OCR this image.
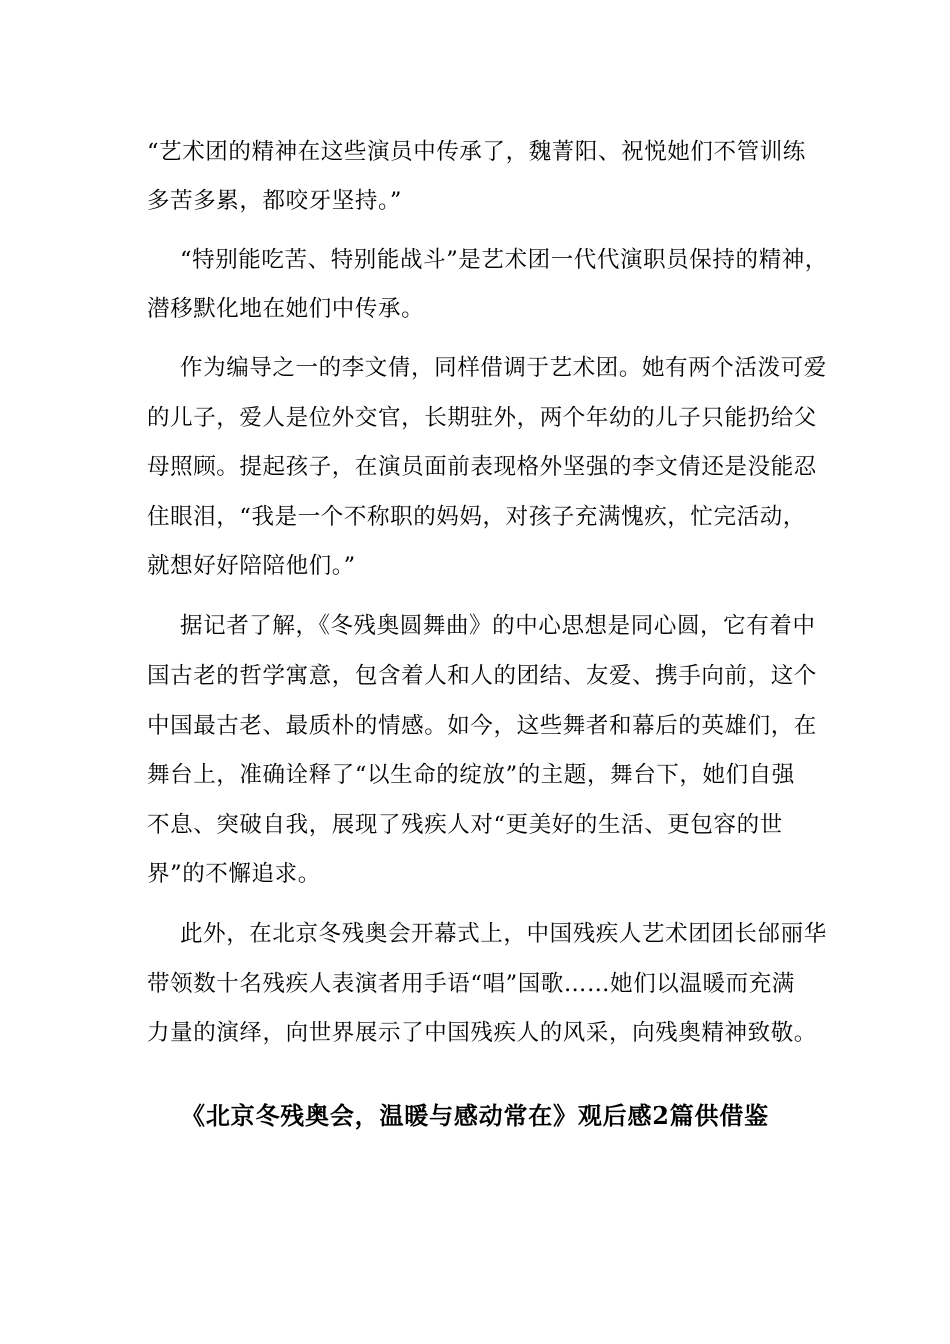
“艺术团的精神在这些演员中传承了，魏菁阳、祝悦她们不管训练
多苦多累，都咬牙坚持。”
“特别能吃苦、特别能战斗”是艺术团一代代演职员保持的精神，
潜移默化地在她们中传承。
作为编导之一的李文倩，同样借调于艺术团。她有两个活泼可爱
的儿子，爱人是位外交官，长期驻外，两个年幼的儿子只能扔给父
母照顾。提起孩子，在演员面前表现格外坚强的李文倩还是没能忍
住眼泪，“我是一个不称职的妈妈，对孩子充满愧疚，忙完活动，
就想好好陪陪他们。”
据记者了解，《冬残奥圆舞曲》的中心思想是同心圆，它有着中
国古老的哲学寓意，包含着人和人的团结、友爱、携手向前，这个
中国最古老、最质朴的情感。如今，这些舞者和幕后的英雄们，在
舞台上，准确诠释了“以生命的绽放”的主题，舞台下，她们自强
不息、突破自我，展现了残疾人对“更美好的生活、更包容的世
界”的不懈追求。
此外，在北京冬残奥会开幕式上，中国残疾人艺术团团长邰丽华
带领数十名残疾人表演者用手语“唱”国歌……她们以温暖而充满
力量的演绎，向世界展示了中国残疾人的风采，向残奥精神致敬。
《北京冬残奥会，温暖与感动常在》观后感2篇供借鉴
